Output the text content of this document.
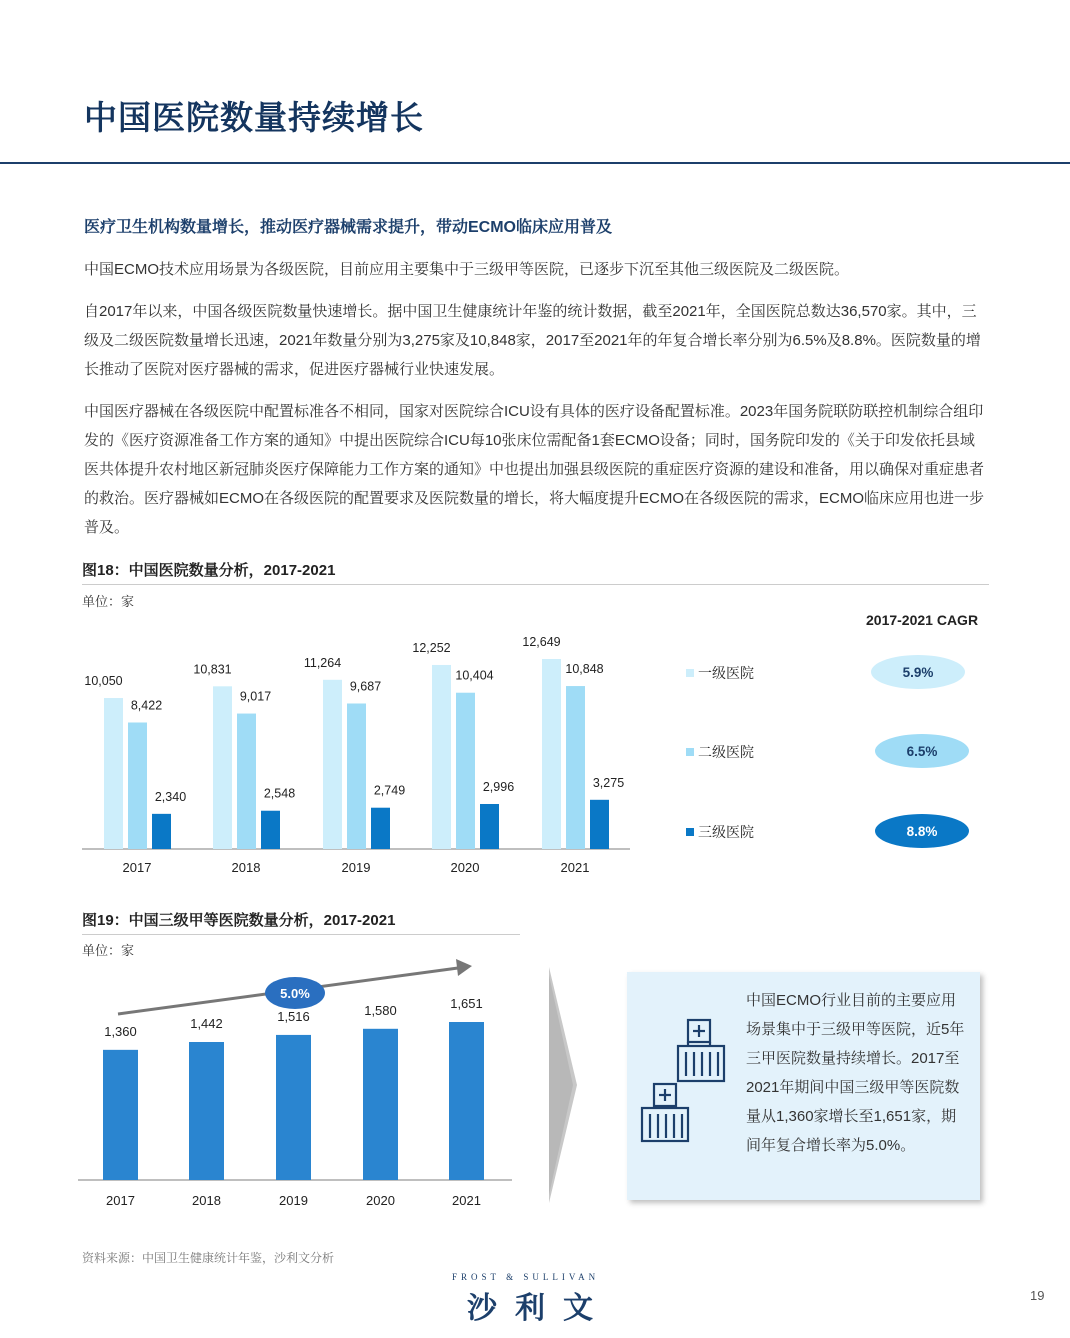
中国医院数量持续增长
医疗卫生机构数量增长，推动医疗器械需求提升，带动ECMO临床应用普及
中国ECMO技术应用场景为各级医院，目前应用主要集中于三级甲等医院，已逐步下沉至其他三级医院及二级医院。
自2017年以来，中国各级医院数量快速增长。据中国卫生健康统计年鉴的统计数据，截至2021年，全国医院总数达36,570家。其中，三级及二级医院数量增长迅速，2021年数量分别为3,275家及10,848家，2017至2021年的年复合增长率分别为6.5%及8.8%。医院数量的增长推动了医院对医疗器械的需求，促进医疗器械行业快速发展。
中国医疗器械在各级医院中配置标准各不相同，国家对医院综合ICU设有具体的医疗设备配置标准。2023年国务院联防联控机制综合组印发的《医疗资源准备工作方案的通知》中提出医院综合ICU每10张床位需配备1套ECMO设备；同时，国务院印发的《关于印发依托县域医共体提升农村地区新冠肺炎医疗保障能力工作方案的通知》中也提出加强县级医院的重症医疗资源的建设和准备，用以确保对重症患者的救治。医疗器械如ECMO在各级医院的配置要求及医院数量的增长，将大幅度提升ECMO在各级医院的需求，ECMO临床应用也进一步普及。
图18：中国医院数量分析，2017-2021
单位：家
2017-2021 CAGR
10,050
8,422
2,340
2017
10,831
9,017
2,548
2018
11,264
9,687
2,749
2019
12,252
10,404
2,996
2020
12,649
10,848
3,275
2021
一级医院	5.9%
二级医院	6.5%
三级医院	8.8%
图19：中国三级甲等医院数量分析，2017-2021
单位：家
1,360
2017
1,442
2018
1,516
2019
1,580
2020
1,651
2021
5.0%	中国ECMO行业目前的主要应用场景集中于三级甲等医院，近5年三甲医院数量持续增长。2017至2021年期间中国三级甲等医院数量从1,360家增长至1,651家，期间年复合增长率为5.0%。
资料来源：中国卫生健康统计年鉴，沙利文分析
FROST & SULLIVAN
沙利文	19
